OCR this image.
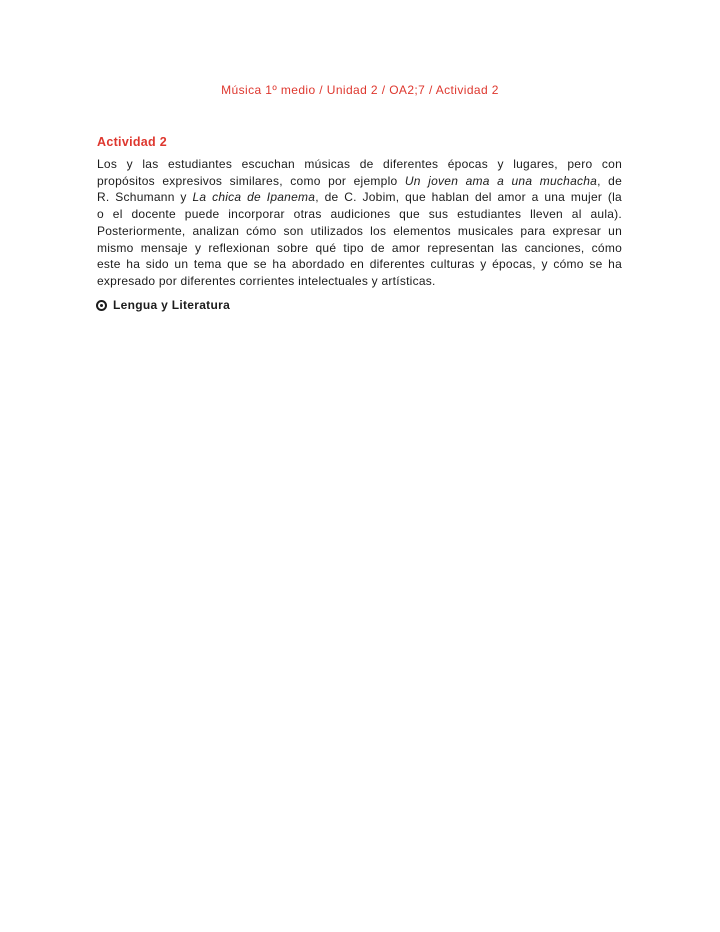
Música 1º medio / Unidad 2 / OA2;7 / Actividad 2
Actividad 2
Los y las estudiantes escuchan músicas de diferentes épocas y lugares, pero con
propósitos expresivos similares, como por ejemplo Un joven ama a una muchacha, de
R. Schumann y La chica de Ipanema, de C. Jobim, que hablan del amor a una mujer (la
o el docente puede incorporar otras audiciones que sus estudiantes lleven al aula).
Posteriormente, analizan cómo son utilizados los elementos musicales para expresar un
mismo mensaje y reflexionan sobre qué tipo de amor representan las canciones, cómo
este ha sido un tema que se ha abordado en diferentes culturas y épocas, y cómo se ha
expresado por diferentes corrientes intelectuales y artísticas.
Lengua y Literatura
